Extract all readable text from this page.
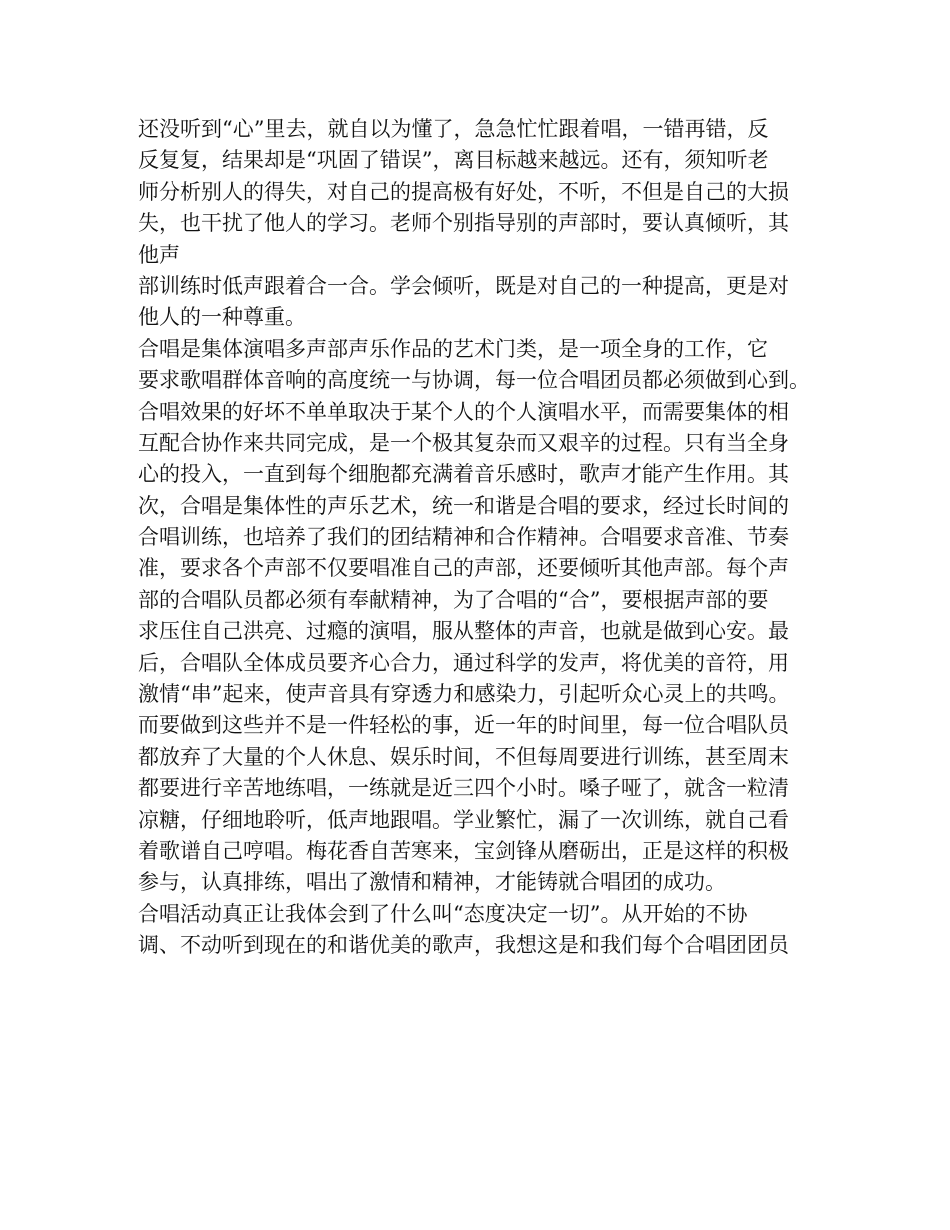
还没听到“心”里去，就自以为懂了，急急忙忙跟着唱，一错再错，反
反复复，结果却是“巩固了错误”，离目标越来越远。还有，须知听老
师分析别人的得失，对自己的提高极有好处，不听，不但是自己的大损
失，也干扰了他人的学习。老师个别指导别的声部时，要认真倾听，其
他声
部训练时低声跟着合一合。学会倾听，既是对自己的一种提高，更是对
他人的一种尊重。
合唱是集体演唱多声部声乐作品的艺术门类，是一项全身的工作，它
要求歌唱群体音响的高度统一与协调，每一位合唱团员都必须做到心到。
合唱效果的好坏不单单取决于某个人的个人演唱水平，而需要集体的相
互配合协作来共同完成，是一个极其复杂而又艰辛的过程。只有当全身
心的投入，一直到每个细胞都充满着音乐感时，歌声才能产生作用。其
次，合唱是集体性的声乐艺术，统一和谐是合唱的要求，经过长时间的
合唱训练，也培养了我们的团结精神和合作精神。合唱要求音准、节奏
准，要求各个声部不仅要唱准自己的声部，还要倾听其他声部。每个声
部的合唱队员都必须有奉献精神，为了合唱的“合”，要根据声部的要
求压住自己洪亮、过瘾的演唱，服从整体的声音，也就是做到心安。最
后，合唱队全体成员要齐心合力，通过科学的发声，将优美的音符，用
激情“串”起来，使声音具有穿透力和感染力，引起听众心灵上的共鸣。
而要做到这些并不是一件轻松的事，近一年的时间里，每一位合唱队员
都放弃了大量的个人休息、娱乐时间，不但每周要进行训练，甚至周末
都要进行辛苦地练唱，一练就是近三四个小时。嗓子哑了，就含一粒清
凉糖，仔细地聆听，低声地跟唱。学业繁忙，漏了一次训练，就自己看
着歌谱自己哼唱。梅花香自苦寒来，宝剑锋从磨砺出，正是这样的积极
参与，认真排练，唱出了激情和精神，才能铸就合唱团的成功。
合唱活动真正让我体会到了什么叫“态度决定一切”。从开始的不协
调、不动听到现在的和谐优美的歌声，我想这是和我们每个合唱团团员
